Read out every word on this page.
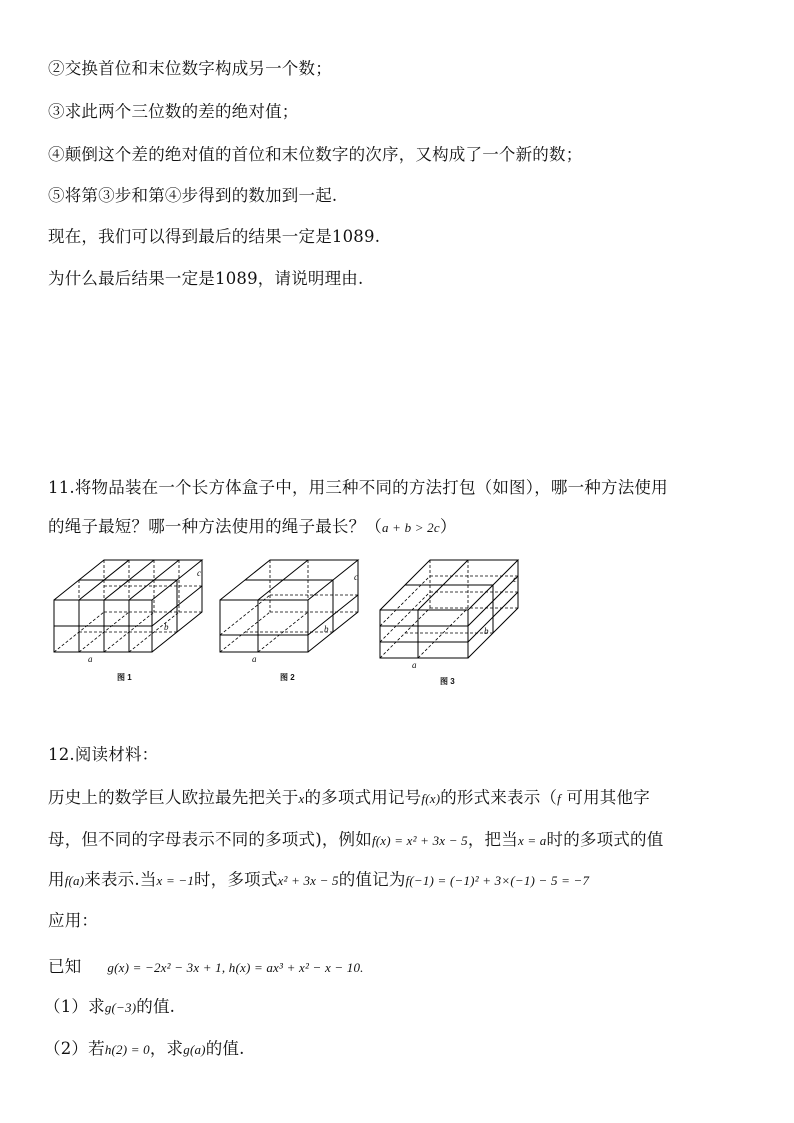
②交换首位和末位数字构成另一个数；
③求此两个三位数的差的绝对值；
④颠倒这个差的绝对值的首位和末位数字的次序，又构成了一个新的数；
⑤将第③步和第④步得到的数加到一起.
现在，我们可以得到最后的结果一定是1089.
为什么最后结果一定是1089，请说明理由.
11.将物品装在一个长方体盒子中，用三种不同的方法打包（如图），哪一种方法使用
的绳子最短？哪一种方法使用的绳子最长？（a + b > 2c）
a
b
c
图 1
a
b
c
图 2
a
b
c
图 3
12.阅读材料：
历史上的数学巨人欧拉最先把关于x的多项式用记号f(x)的形式来表示（f 可用其他字
母，但不同的字母表示不同的多项式)，例如f(x) = x² + 3x − 5，把当x = a时的多项式的值
用f(a)来表示.当x = −1时，多项式x² + 3x − 5的值记为f(−1) = (−1)² + 3×(−1) − 5 = −7
应用：
已知 g(x) = −2x² − 3x + 1, h(x) = ax³ + x² − x − 10.
（1）求g(−3)的值.
（2）若h(2) = 0，求g(a)的值.
